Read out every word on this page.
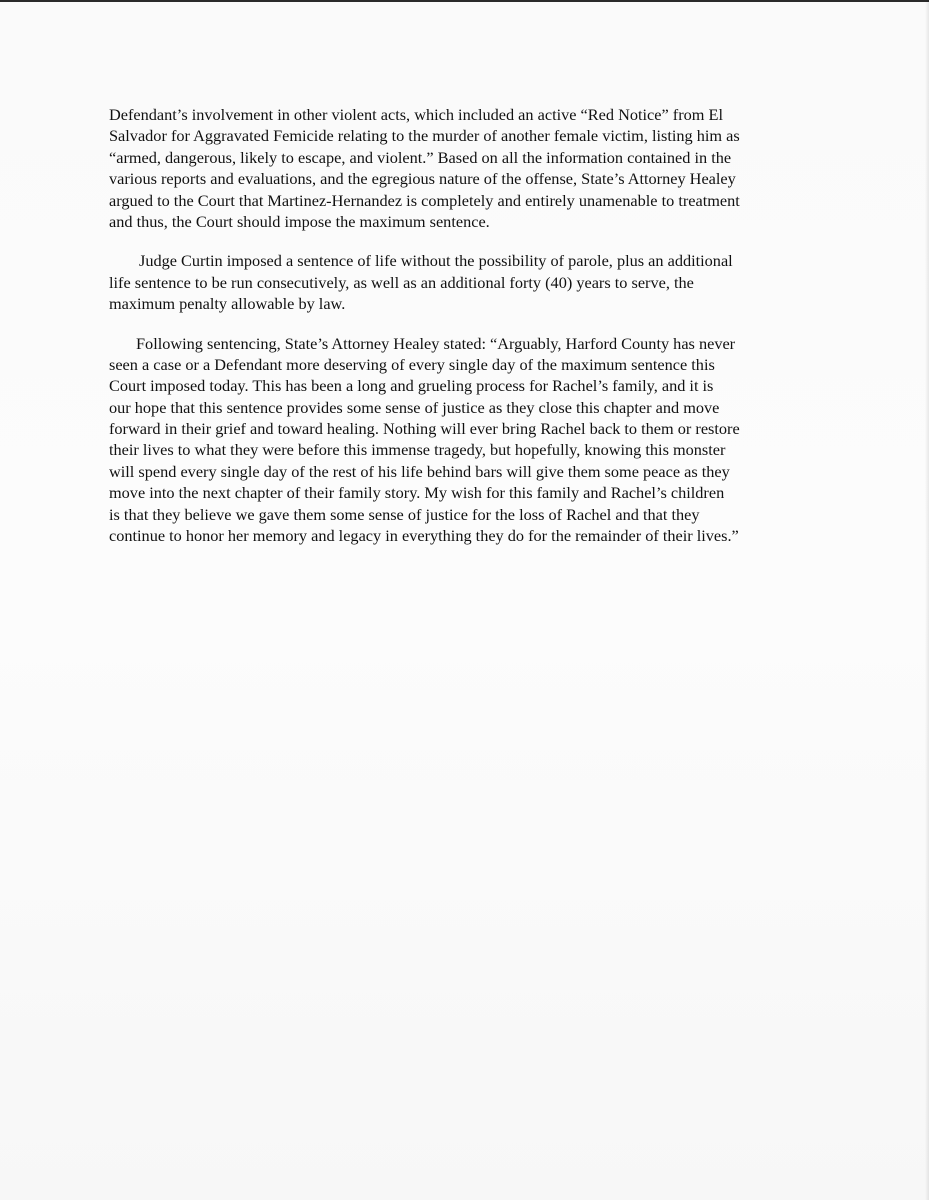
Defendant’s involvement in other violent acts, which included an active “Red Notice” from El
Salvador for Aggravated Femicide relating to the murder of another female victim, listing him as
“armed, dangerous, likely to escape, and violent.” Based on all the information contained in the
various reports and evaluations, and the egregious nature of the offense, State’s Attorney Healey
argued to the Court that Martinez-Hernandez is completely and entirely unamenable to treatment
and thus, the Court should impose the maximum sentence.
Judge Curtin imposed a sentence of life without the possibility of parole, plus an additional
life sentence to be run consecutively, as well as an additional forty (40) years to serve, the
maximum penalty allowable by law.
Following sentencing, State’s Attorney Healey stated: “Arguably, Harford County has never
seen a case or a Defendant more deserving of every single day of the maximum sentence this
Court imposed today. This has been a long and grueling process for Rachel’s family, and it is
our hope that this sentence provides some sense of justice as they close this chapter and move
forward in their grief and toward healing. Nothing will ever bring Rachel back to them or restore
their lives to what they were before this immense tragedy, but hopefully, knowing this monster
will spend every single day of the rest of his life behind bars will give them some peace as they
move into the next chapter of their family story. My wish for this family and Rachel’s children
is that they believe we gave them some sense of justice for the loss of Rachel and that they
continue to honor her memory and legacy in everything they do for the remainder of their lives.”
